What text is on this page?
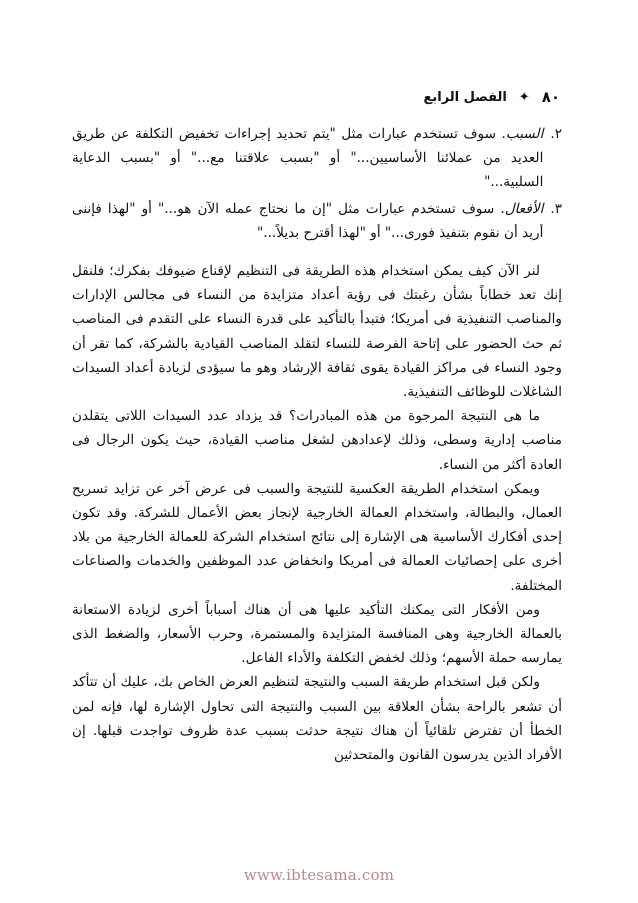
٨٠
✦
الفصل الرابع
٢.
السبب. سوف تستخدم عبارات مثل "يتم تحديد إجراءات تخفيض التكلفة عن طريق العديد من عملائنا الأساسيين..." أو "بسبب علاقتنا مع..." أو "بسبب الدعاية السلبية..."
٣.
الأفعال. سوف تستخدم عبارات مثل "إن ما نحتاج عمله الآن هو..." أو "لهذا فإننى أريد أن نقوم بتنفيذ فورى..." أو "لهذا أقترح بديلاً..."

لنر الآن كيف يمكن استخدام هذه الطريقة فى التنظيم لإقناع ضيوفك بفكرك؛ فلنقل إنك تعد خطاباً بشأن رغبتك فى رؤية أعداد متزايدة من النساء فى مجالس الإدارات والمناصب التنفيذية فى أمريكا؛ فتبدأ بالتأكيد على قدرة النساء على التقدم فى المناصب ثم حث الحضور على إتاحة الفرصة للنساء لتقلد المناصب القيادية بالشركة، كما تقر أن وجود النساء فى مراكز القيادة يقوى ثقافة الإرشاد وهو ما سيؤدى لزيادة أعداد السيدات الشاغلات للوظائف التنفيذية.

ما هى النتيجة المرجوة من هذه المبادرات؟ قد يزداد عدد السيدات اللاتى يتقلدن مناصب إدارية وسطى، وذلك لإعدادهن لشغل مناصب القيادة، حيث يكون الرجال فى العادة أكثر من النساء.

ويمكن استخدام الطريقة العكسية للنتيجة والسبب فى عرض آخر عن تزايد تسريح العمال، والبطالة، واستخدام العمالة الخارجية لإنجاز بعض الأعمال للشركة. وقد تكون إحدى أفكارك الأساسية هى الإشارة إلى نتائج استخدام الشركة للعمالة الخارجية من بلاد أخرى على إحصائيات العمالة فى أمريكا وانخفاض عدد الموظفين والخدمات والصناعات المختلفة.

ومن الأفكار التى يمكنك التأكيد عليها هى أن هناك أسباباً أخرى لزيادة الاستعانة بالعمالة الخارجية وهى المنافسة المتزايدة والمستمرة، وحرب الأسعار، والضغط الذى يمارسه حملة الأسهم؛ وذلك لخفض التكلفة والأداء الفاعل.

ولكن قبل استخدام طريقة السبب والنتيجة لتنظيم العرض الخاص بك، عليك أن تتأكد أن تشعر بالراحة بشأن العلاقة بين السبب والنتيجة التى تحاول الإشارة لها، فإنه لمن الخطأ أن تفترض تلقائياً أن هناك نتيجة حدثت بسبب عدة ظروف تواجدت قبلها. إن الأفراد الذين يدرسون القانون والمتحدثين

www.ibtesama.com
